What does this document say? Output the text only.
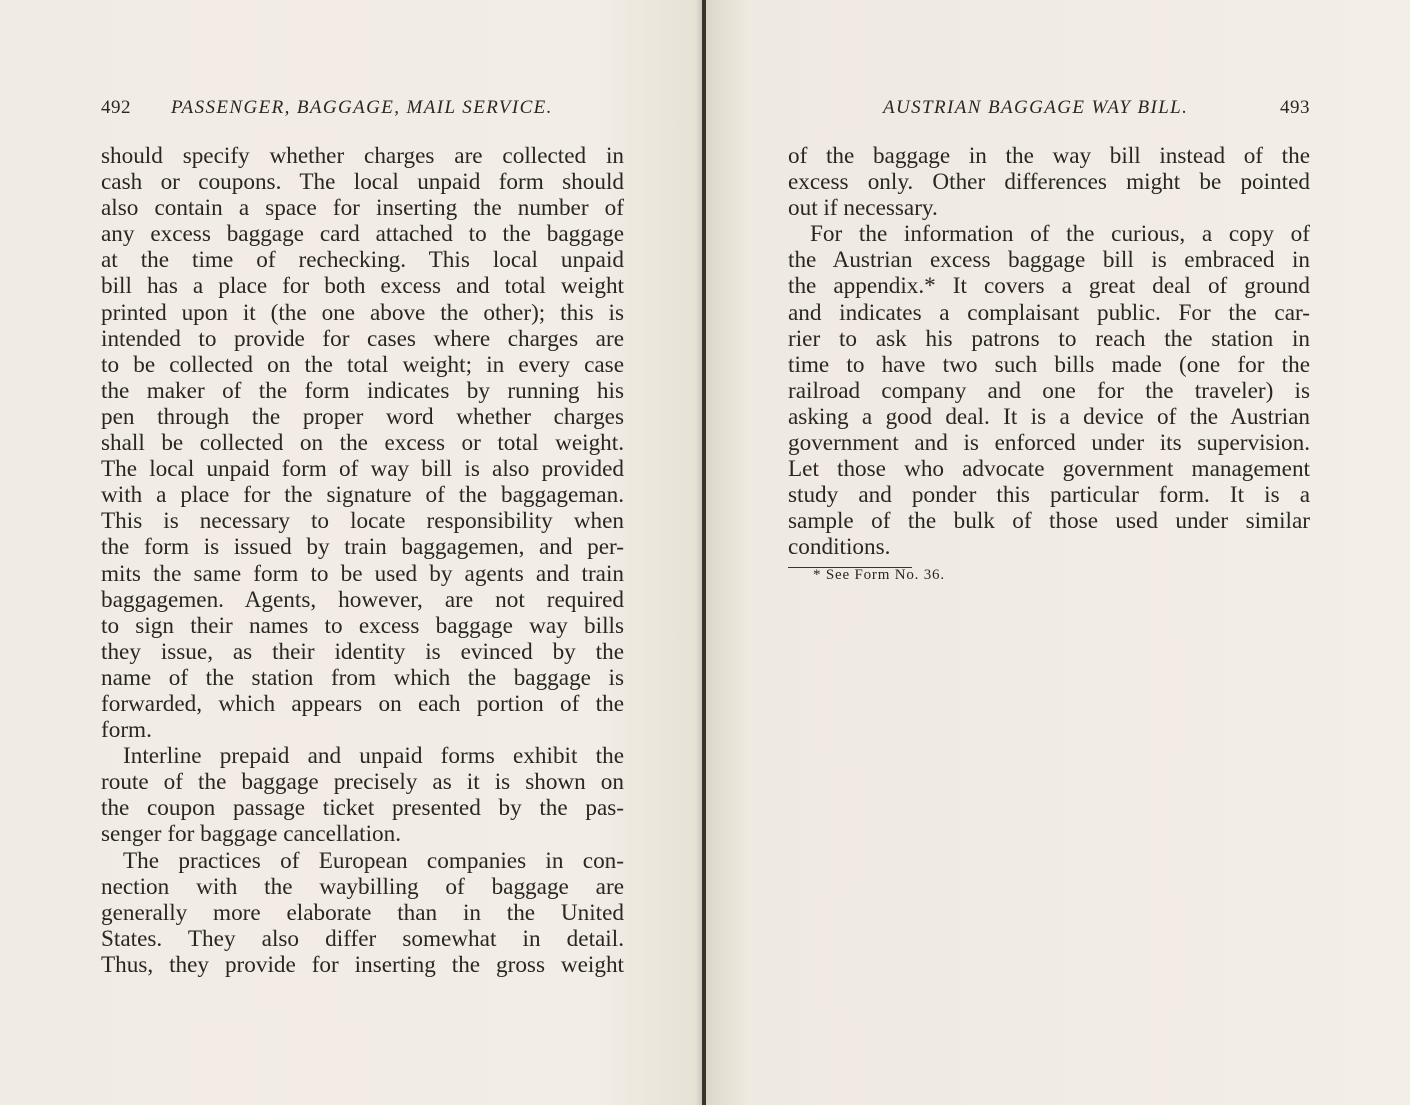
492 PASSENGER, BAGGAGE, MAIL SERVICE.
should specify whether charges are collected in
cash or coupons. The local unpaid form should
also contain a space for inserting the number of
any excess baggage card attached to the baggage
at the time of rechecking. This local unpaid
bill has a place for both excess and total weight
printed upon it (the one above the other); this is
intended to provide for cases where charges are
to be collected on the total weight; in every case
the maker of the form indicates by running his
pen through the proper word whether charges
shall be collected on the excess or total weight.
The local unpaid form of way bill is also provided
with a place for the signature of the baggageman.
This is necessary to locate responsibility when
the form is issued by train baggagemen, and per-
mits the same form to be used by agents and train
baggagemen. Agents, however, are not required
to sign their names to excess baggage way bills
they issue, as their identity is evinced by the
name of the station from which the baggage is
forwarded, which appears on each portion of the
form.
Interline prepaid and unpaid forms exhibit the
route of the baggage precisely as it is shown on
the coupon passage ticket presented by the pas-
senger for baggage cancellation.
The practices of European companies in con-
nection with the waybilling of baggage are
generally more elaborate than in the United
States. They also differ somewhat in detail.
Thus, they provide for inserting the gross weight
AUSTRIAN BAGGAGE WAY BILL.	493
of the baggage in the way bill instead of the
excess only. Other differences might be pointed
out if necessary.
For the information of the curious, a copy of
the Austrian excess baggage bill is embraced in
the appendix.* It covers a great deal of ground
and indicates a complaisant public. For the car-
rier to ask his patrons to reach the station in
time to have two such bills made (one for the
railroad company and one for the traveler) is
asking a good deal. It is a device of the Austrian
government and is enforced under its supervision.
Let those who advocate government management
study and ponder this particular form. It is a
sample of the bulk of those used under similar
conditions.
* See Form No. 36.
